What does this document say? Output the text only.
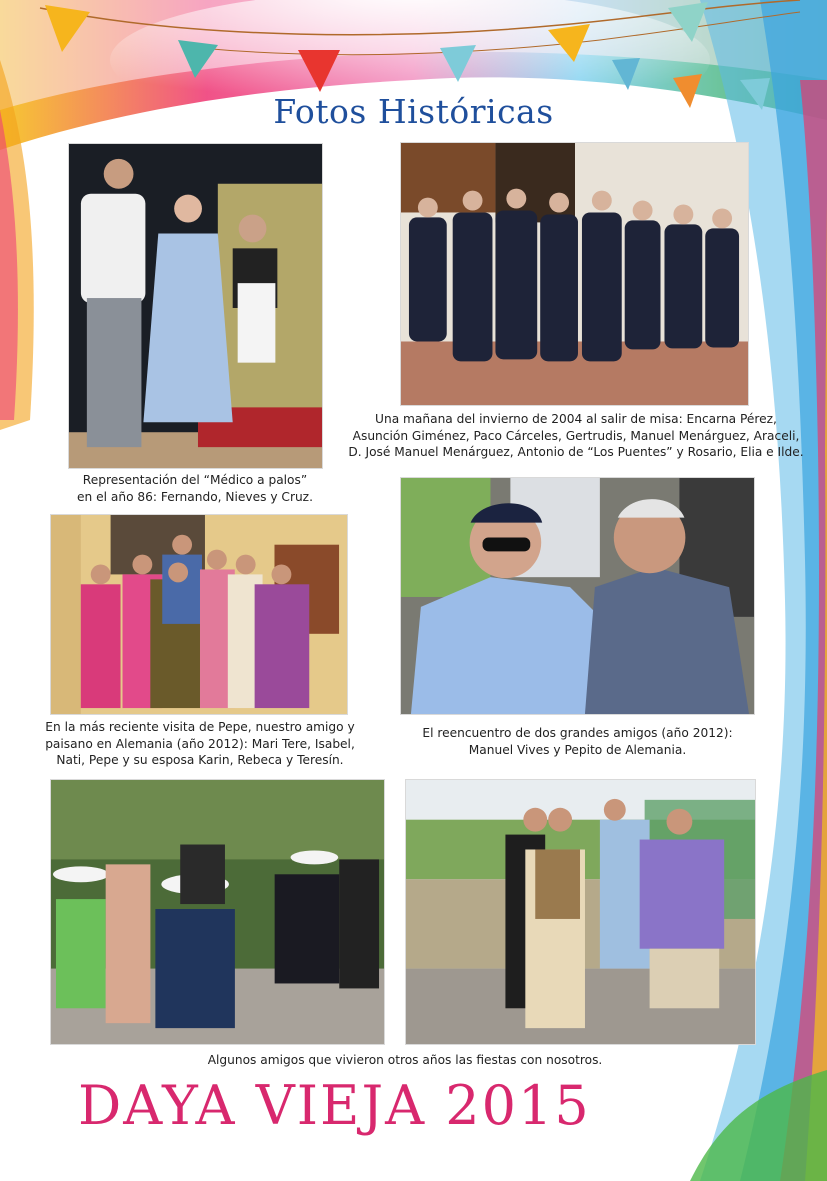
Fotos Históricas
Una mañana del invierno de 2004 al salir de misa: Encarna Pérez,
Asunción Giménez, Paco Cárceles, Gertrudis, Manuel Menárguez, Araceli,
D. José Manuel Menárguez, Antonio de “Los Puentes” y Rosario, Elia e Ilde.
Representación del “Médico a palos”
en el año 86: Fernando, Nieves y Cruz.
En la más reciente visita de Pepe, nuestro amigo y
paisano en Alemania (año 2012): Mari Tere, Isabel,
Nati, Pepe y su esposa Karin, Rebeca y Teresín.
El reencuentro de dos grandes amigos (año 2012):
Manuel Vives y Pepito de Alemania.
Algunos amigos que vivieron otros años las fiestas con nosotros.
DAYA VIEJA 2015
